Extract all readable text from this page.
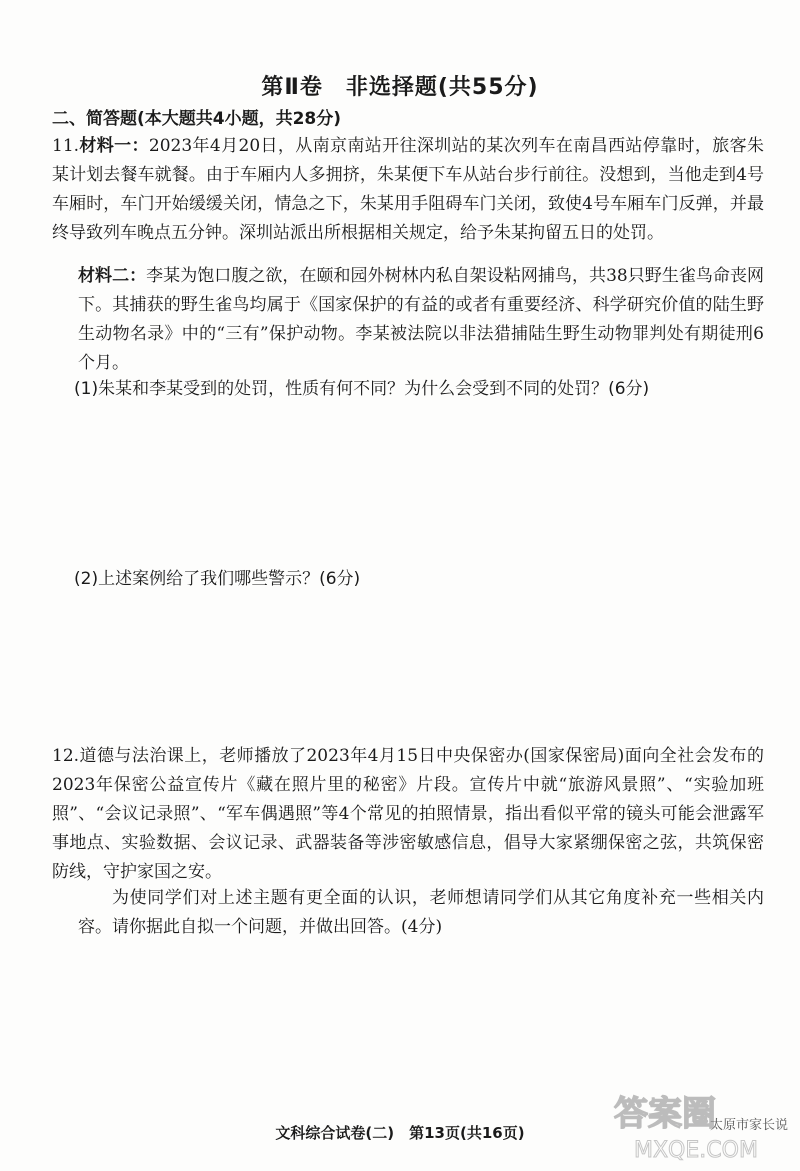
第Ⅱ卷　非选择题(共55分)
二、简答题(本大题共4小题，共28分)
11.材料一：2023年4月20日，从南京南站开往深圳站的某次列车在南昌西站停靠时，旅客朱某计划去餐车就餐。由于车厢内人多拥挤，朱某便下车从站台步行前往。没想到，当他走到4号车厢时，车门开始缓缓关闭，情急之下，朱某用手阻碍车门关闭，致使4号车厢车门反弹，并最终导致列车晚点五分钟。深圳站派出所根据相关规定，给予朱某拘留五日的处罚。
材料二：李某为饱口腹之欲，在颐和园外树林内私自架设粘网捕鸟，共38只野生雀鸟命丧网下。其捕获的野生雀鸟均属于《国家保护的有益的或者有重要经济、科学研究价值的陆生野生动物名录》中的“三有”保护动物。李某被法院以非法猎捕陆生野生动物罪判处有期徒刑6个月。
(1)朱某和李某受到的处罚，性质有何不同？为什么会受到不同的处罚？(6分)
(2)上述案例给了我们哪些警示？(6分)
12.道德与法治课上，老师播放了2023年4月15日中央保密办(国家保密局)面向全社会发布的2023年保密公益宣传片《藏在照片里的秘密》片段。宣传片中就“旅游风景照”、“实验加班照”、“会议记录照”、“军车偶遇照”等4个常见的拍照情景，指出看似平常的镜头可能会泄露军事地点、实验数据、会议记录、武器装备等涉密敏感信息，倡导大家紧绷保密之弦，共筑保密防线，守护家国之安。
为使同学们对上述主题有更全面的认识，老师想请同学们从其它角度补充一些相关内容。请你据此自拟一个问题，并做出回答。(4分)
文科综合试卷(二)　第13页(共16页)	答案圈
MXQE.COM
太原市家长说
